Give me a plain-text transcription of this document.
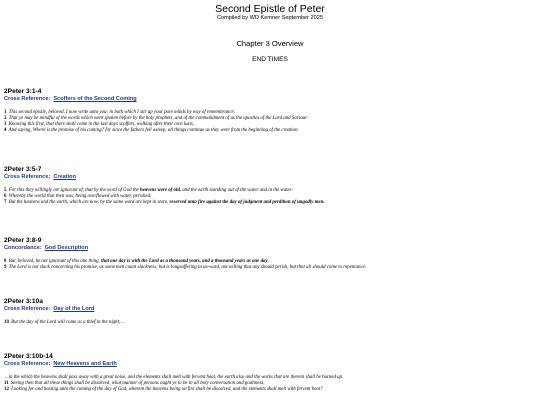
Second Epistle of Peter
Compiled by WD Kemner September 2025
Chapter 3 Overview
END TIMES
2Peter 3:1-4
Cross Reference: Scoffers of the Second Coming
1 This second epistle, beloved, I now write unto you; in both which I stir up your pure minds by way of remembrance:
2 That ye may be mindful of the words which were spoken before by the holy prophets, and of the commandment of us the apostles of the Lord and Saviour:
3 Knowing this first, that there shall come in the last days scoffers, walking after their own lusts,
4 And saying, Where is the promise of his coming? for since the fathers fell asleep, all things continue as they were from the beginning of the creation.
2Peter 3:5-7
Cross Reference: Creation
5 For this they willingly are ignorant of, that by the word of God the heavens were of old, and the earth standing out of the water and in the water:
6 Whereby the world that then was, being overflowed with water, perished:
7 But the heavens and the earth, which are now, by the same word are kept in store, reserved unto fire against the day of judgment and perdition of ungodly men.
2Peter 3:8-9
Concordance: God Description
8 But, beloved, be not ignorant of this one thing, that one day is with the Lord as a thousand years, and a thousand years as one day.
9 The Lord is not slack concerning his promise, as some men count slackness; but is longsuffering to us-ward, not willing that any should perish, but that all should come to repentance.
2Peter 3:10a
Cross Reference: Day of the Lord
10 But the day of the Lord will come as a thief in the night;...
2Peter 3:10b-14
Cross Reference: New Heavens and Earth
...in the which the heavens shall pass away with a great noise, and the elements shall melt with fervent heat, the earth also and the works that are therein shall be burned up.
11 Seeing then that all these things shall be dissolved, what manner of persons ought ye to be in all holy conversation and godliness,
12 Looking for and hasting unto the coming of the day of God, wherein the heavens being on fire shall be dissolved, and the elements shall melt with fervent heat?
